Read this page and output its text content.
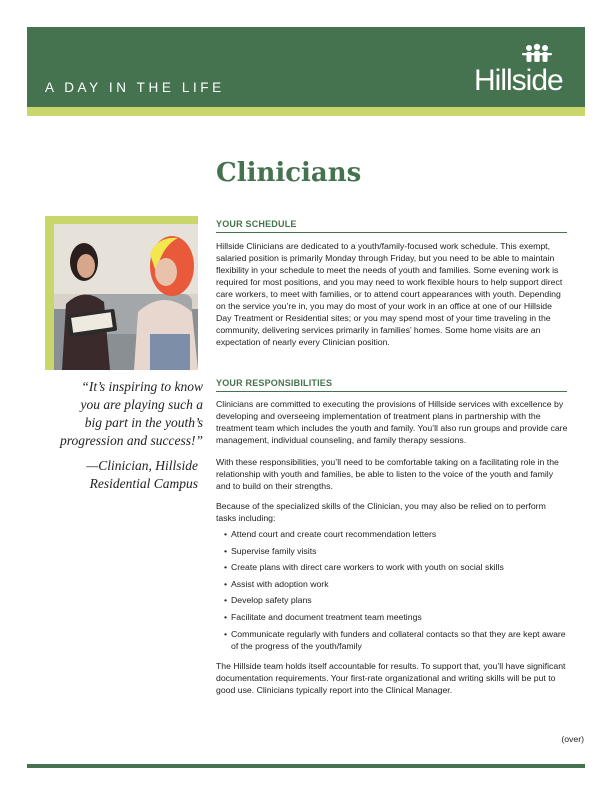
A DAY IN THE LIFE	Hillside
Clinicians
“It’s inspiring to know you are playing such a big part in the youth’s progression and success!”
—Clinician, Hillside
Residential Campus
YOUR SCHEDULE

Hillside Clinicians are dedicated to a youth/family-focused work schedule. This exempt, salaried position is primarily Monday through Friday, but you need to be able to maintain flexibility in your schedule to meet the needs of youth and families. Some evening work is required for most positions, and you may need to work flexible hours to help support direct care workers, to meet with families, or to attend court appearances with youth. Depending on the service you’re in, you may do most of your work in an office at one of our Hillside Day Treatment or Residential sites; or you may spend most of your time traveling in the community, delivering services primarily in families’ homes. Some home visits are an expectation of nearly every Clinician position.

YOUR RESPONSIBILITIES

Clinicians are committed to executing the provisions of Hillside services with excellence by developing and overseeing implementation of treatment plans in partnership with the treatment team which includes the youth and family. You’ll also run groups and provide care management, individual counseling, and family therapy sessions.

With these responsibilities, you’ll need to be comfortable taking on a facilitating role in the relationship with youth and families, be able to listen to the voice of the youth and family and to build on their strengths.

Because of the specialized skills of the Clinician, you may also be relied on to perform tasks including:

• Attend court and create court recommendation letters
• Supervise family visits
• Create plans with direct care workers to work with youth on social skills
• Assist with adoption work
• Develop safety plans
• Facilitate and document treatment team meetings
• Communicate regularly with funders and collateral contacts so that they are kept aware of the progress of the youth/family

The Hillside team holds itself accountable for results. To support that, you’ll have significant documentation requirements. Your first-rate organizational and writing skills will be put to good use. Clinicians typically report into the Clinical Manager.

(over)
